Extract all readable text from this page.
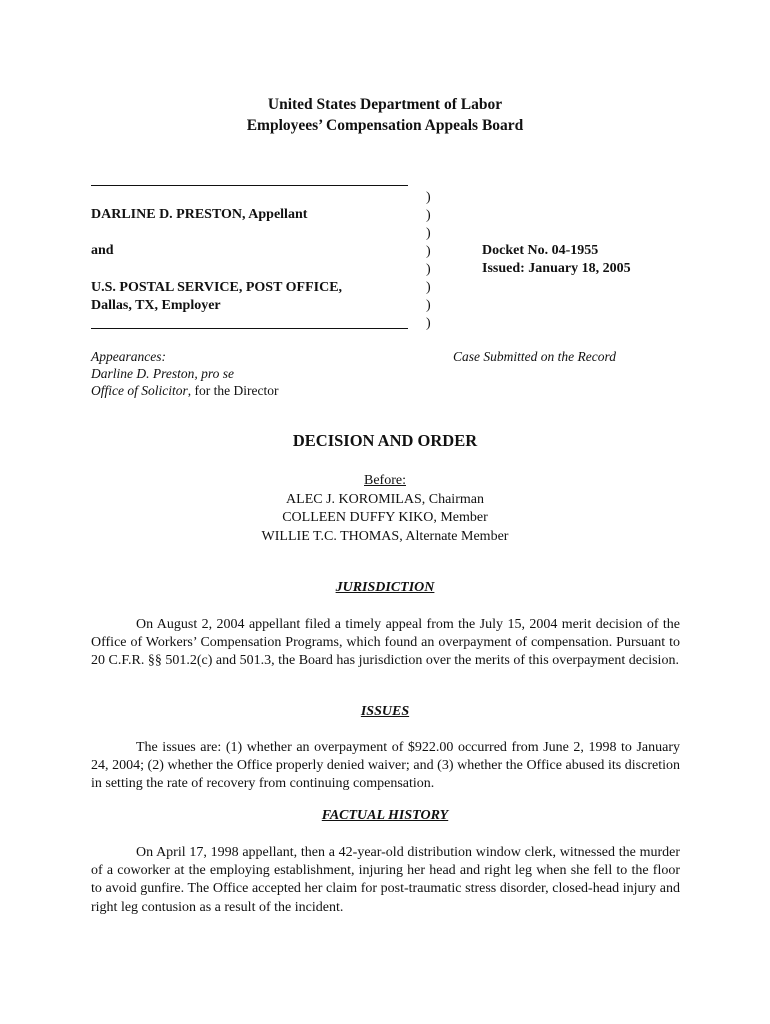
United States Department of Labor
Employees’ Compensation Appeals Board
DARLINE D. PRESTON, Appellant
and
U.S. POSTAL SERVICE, POST OFFICE,
Dallas, TX, Employer
)
)
)
)
)
)
)
)
Docket No. 04-1955
Issued: January 18, 2005
Appearances:
Darline D. Preston, pro se
Office of Solicitor, for the Director
Case Submitted on the Record
DECISION AND ORDER
Before:
ALEC J. KOROMILAS, Chairman
COLLEEN DUFFY KIKO, Member
WILLIE T.C. THOMAS, Alternate Member
JURISDICTION
On August 2, 2004 appellant filed a timely appeal from the July 15, 2004 merit decision of the Office of Workers’ Compensation Programs, which found an overpayment of compensation. Pursuant to 20 C.F.R. §§ 501.2(c) and 501.3, the Board has jurisdiction over the merits of this overpayment decision.
ISSUES
The issues are: (1) whether an overpayment of $922.00 occurred from June 2, 1998 to January 24, 2004; (2) whether the Office properly denied waiver; and (3) whether the Office abused its discretion in setting the rate of recovery from continuing compensation.
FACTUAL HISTORY
On April 17, 1998 appellant, then a 42-year-old distribution window clerk, witnessed the murder of a coworker at the employing establishment, injuring her head and right leg when she fell to the floor to avoid gunfire. The Office accepted her claim for post-traumatic stress disorder, closed-head injury and right leg contusion as a result of the incident.
